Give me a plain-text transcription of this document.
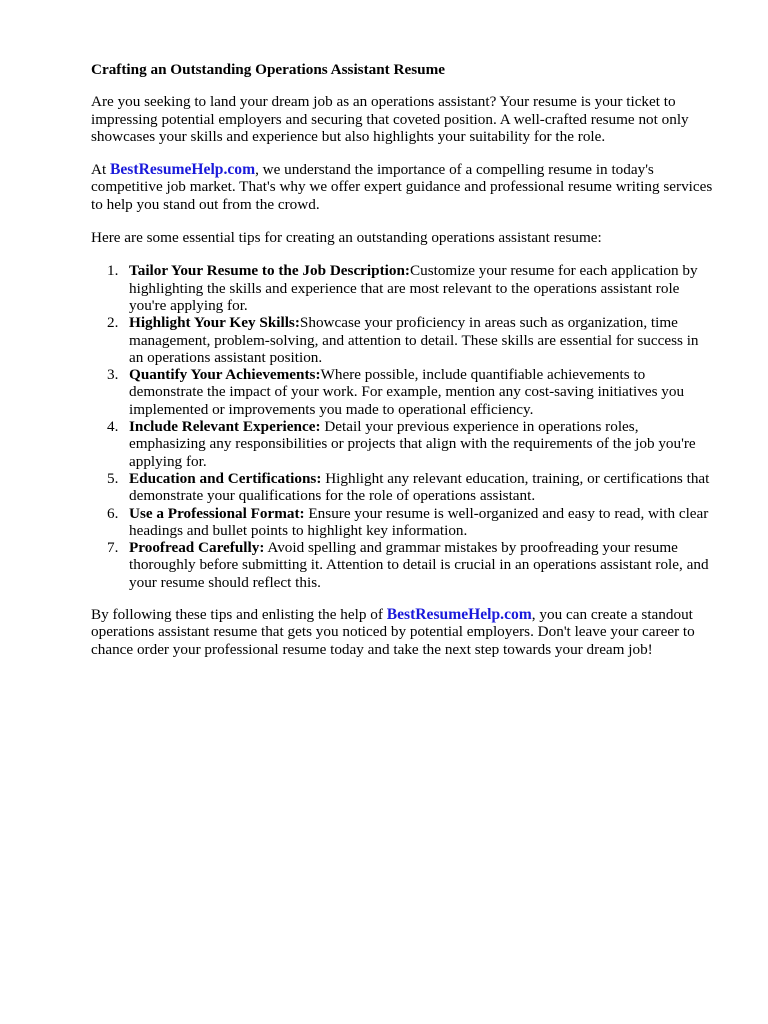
Crafting an Outstanding Operations Assistant Resume

Are you seeking to land your dream job as an operations assistant? Your resume is your ticket to impressing potential employers and securing that coveted position. A well-crafted resume not only showcases your skills and experience but also highlights your suitability for the role.

At BestResumeHelp.com, we understand the importance of a compelling resume in today's competitive job market. That's why we offer expert guidance and professional resume writing services to help you stand out from the crowd.

Here are some essential tips for creating an outstanding operations assistant resume:

1. Tailor Your Resume to the Job Description:Customize your resume for each application by highlighting the skills and experience that are most relevant to the operations assistant role you're applying for.
2. Highlight Your Key Skills:Showcase your proficiency in areas such as organization, time management, problem-solving, and attention to detail. These skills are essential for success in an operations assistant position.
3. Quantify Your Achievements:Where possible, include quantifiable achievements to demonstrate the impact of your work. For example, mention any cost-saving initiatives you implemented or improvements you made to operational efficiency.
4. Include Relevant Experience: Detail your previous experience in operations roles, emphasizing any responsibilities or projects that align with the requirements of the job you're applying for.
5. Education and Certifications: Highlight any relevant education, training, or certifications that demonstrate your qualifications for the role of operations assistant.
6. Use a Professional Format: Ensure your resume is well-organized and easy to read, with clear headings and bullet points to highlight key information.
7. Proofread Carefully: Avoid spelling and grammar mistakes by proofreading your resume thoroughly before submitting it. Attention to detail is crucial in an operations assistant role, and your resume should reflect this.

By following these tips and enlisting the help of BestResumeHelp.com, you can create a standout operations assistant resume that gets you noticed by potential employers. Don't leave your career to chance order your professional resume today and take the next step towards your dream job!
